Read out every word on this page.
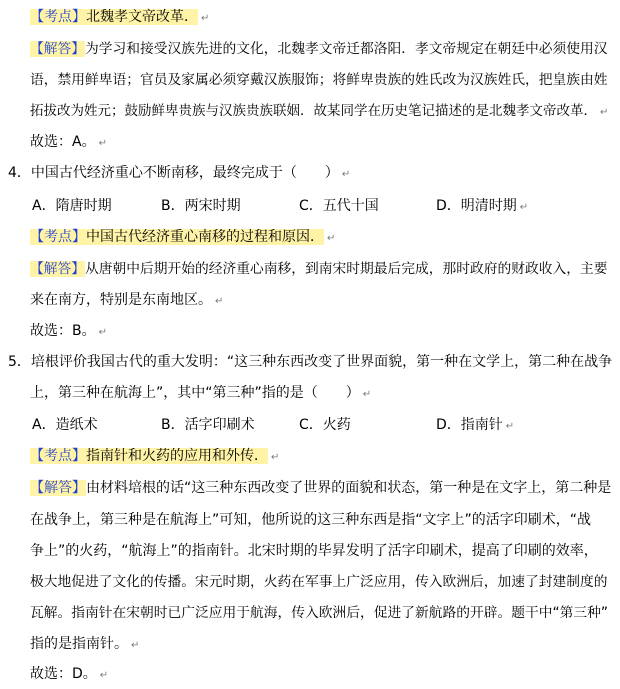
【考点】北魏孝文帝改革． ↵
【解答】为学习和接受汉族先进的文化，北魏孝文帝迁都洛阳．孝文帝规定在朝廷中必须使用汉
语，禁用鲜卑语；官员及家属必须穿戴汉族服饰；将鲜卑贵族的姓氏改为汉族姓氏，把皇族由姓
拓拔改为姓元；鼓励鲜卑贵族与汉族贵族联姻．故某同学在历史笔记描述的是北魏孝文帝改革． ↵
故选：A。 ↵
4．中国古代经济重心不断南移，最终完成于（　　） ↵
A．隋唐时期	B．两宋时期	C．五代十国	D．明清时期 ↵
【考点】中国古代经济重心南移的过程和原因． ↵
【解答】从唐朝中后期开始的经济重心南移，到南宋时期最后完成，那时政府的财政收入，主要
来在南方，特别是东南地区。 ↵
故选：B。 ↵
5．培根评价我国古代的重大发明：“这三种东西改变了世界面貌，第一种在文学上，第二种在战争
上，第三种在航海上”，其中“第三种”指的是（　　） ↵
A．造纸术	B．活字印刷术	C．火药	D．指南针 ↵
【考点】指南针和火药的应用和外传． ↵
【解答】由材料培根的话“这三种东西改变了世界的面貌和状态，第一种是在文字上，第二种是
在战争上，第三种是在航海上”可知，他所说的这三种东西是指“文字上”的活字印刷术，“战
争上”的火药，“航海上”的指南针。北宋时期的毕昇发明了活字印刷术，提高了印刷的效率，
极大地促进了文化的传播。宋元时期，火药在军事上广泛应用，传入欧洲后，加速了封建制度的
瓦解。指南针在宋朝时已广泛应用于航海，传入欧洲后，促进了新航路的开辟。题干中“第三种”
指的是指南针。 ↵
故选：D。 ↵
